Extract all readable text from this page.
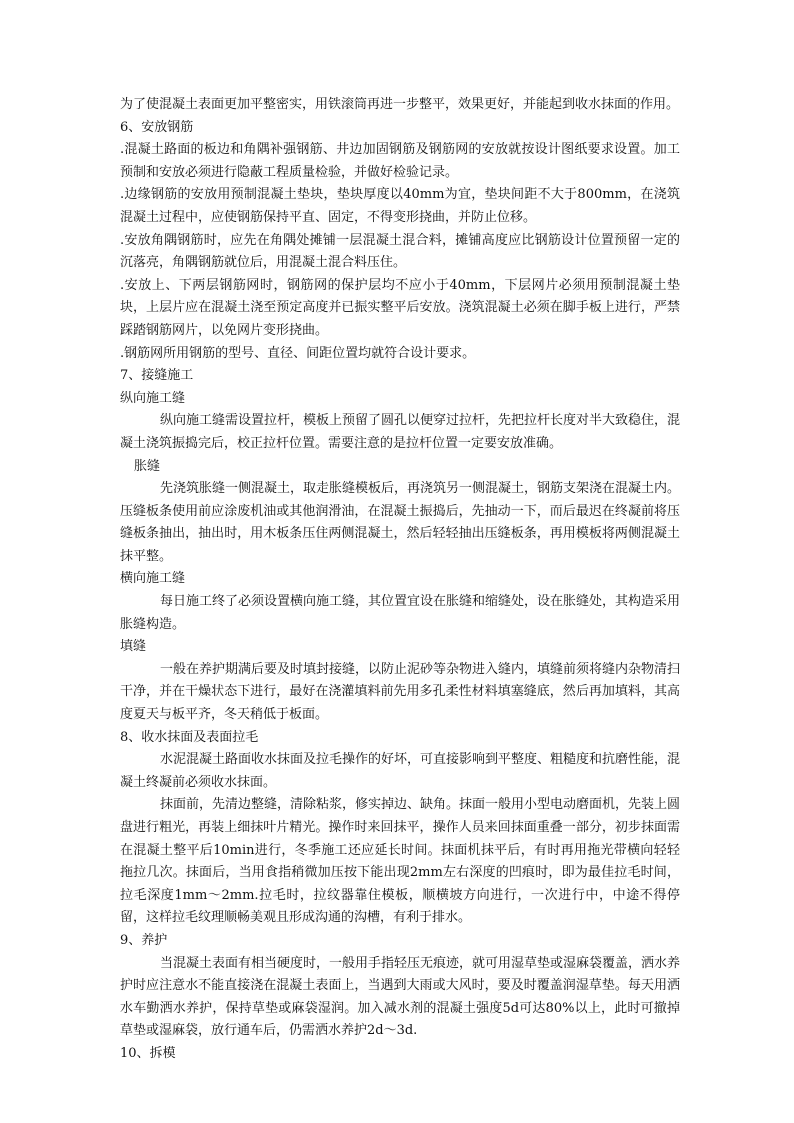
为了使混凝土表面更加平整密实，用铁滚筒再进一步整平，效果更好，并能起到收水抹面的作用。

6、安放钢筋

.混凝土路面的板边和角隅补强钢筋、井边加固钢筋及钢筋网的安放就按设计图纸要求设置。加工预制和安放必须进行隐蔽工程质量检验，并做好检验记录。

.边缘钢筋的安放用预制混凝土垫块，垫块厚度以40mm为宜，垫块间距不大于800mm，在浇筑混凝土过程中，应使钢筋保持平直、固定，不得变形挠曲，并防止位移。

.安放角隅钢筋时，应先在角隅处摊铺一层混凝土混合料，摊铺高度应比钢筋设计位置预留一定的沉落亮，角隅钢筋就位后，用混凝土混合料压住。

.安放上、下两层钢筋网时，钢筋网的保护层均不应小于40mm，下层网片必须用预制混凝土垫块，上层片应在混凝土浇至预定高度并已振实整平后安放。浇筑混凝土必须在脚手板上进行，严禁踩踏钢筋网片，以免网片变形挠曲。

.钢筋网所用钢筋的型号、直径、间距位置均就符合设计要求。

7、接缝施工

纵向施工缝

纵向施工缝需设置拉杆，模板上预留了圆孔以便穿过拉杆，先把拉杆长度对半大致稳住，混凝土浇筑振捣完后，校正拉杆位置。需要注意的是拉杆位置一定要安放准确。

胀缝

先浇筑胀缝一侧混凝土，取走胀缝模板后，再浇筑另一侧混凝土，钢筋支架浇在混凝土内。压缝板条使用前应涂废机油或其他润滑油，在混凝土振捣后，先抽动一下，而后最迟在终凝前将压缝板条抽出，抽出时，用木板条压住两侧混凝土，然后轻轻抽出压缝板条，再用模板将两侧混凝土抹平整。

横向施工缝

每日施工终了必须设置横向施工缝，其位置宜设在胀缝和缩缝处，设在胀缝处，其构造采用胀缝构造。

填缝

一般在养护期满后要及时填封接缝，以防止泥砂等杂物进入缝内，填缝前须将缝内杂物清扫干净，并在干燥状态下进行，最好在浇灌填料前先用多孔柔性材料填塞缝底，然后再加填料，其高度夏天与板平齐，冬天稍低于板面。

8、收水抹面及表面拉毛

水泥混凝土路面收水抹面及拉毛操作的好坏，可直接影响到平整度、粗糙度和抗磨性能，混凝土终凝前必须收水抹面。

抹面前，先清边整缝，清除粘浆，修实掉边、缺角。抹面一般用小型电动磨面机，先装上圆盘进行粗光，再装上细抹叶片精光。操作时来回抹平，操作人员来回抹面重叠一部分，初步抹面需在混凝土整平后10min进行，冬季施工还应延长时间。抹面机抹平后，有时再用拖光带横向轻轻拖拉几次。抹面后，当用食指稍微加压按下能出现2mm左右深度的凹痕时，即为最佳拉毛时间，拉毛深度1mm～2mm.拉毛时，拉纹器靠住模板，顺横坡方向进行，一次进行中，中途不得停留，这样拉毛纹理顺畅美观且形成沟通的沟槽，有利于排水。

9、养护

当混凝土表面有相当硬度时，一般用手指轻压无痕迹，就可用湿草垫或湿麻袋覆盖，洒水养护时应注意水不能直接浇在混凝土表面上，当遇到大雨或大风时，要及时覆盖润湿草垫。每天用洒水车勤洒水养护，保持草垫或麻袋湿润。加入减水剂的混凝土强度5d可达80%以上，此时可撤掉草垫或湿麻袋，放行通车后，仍需洒水养护2d～3d.

10、拆模
